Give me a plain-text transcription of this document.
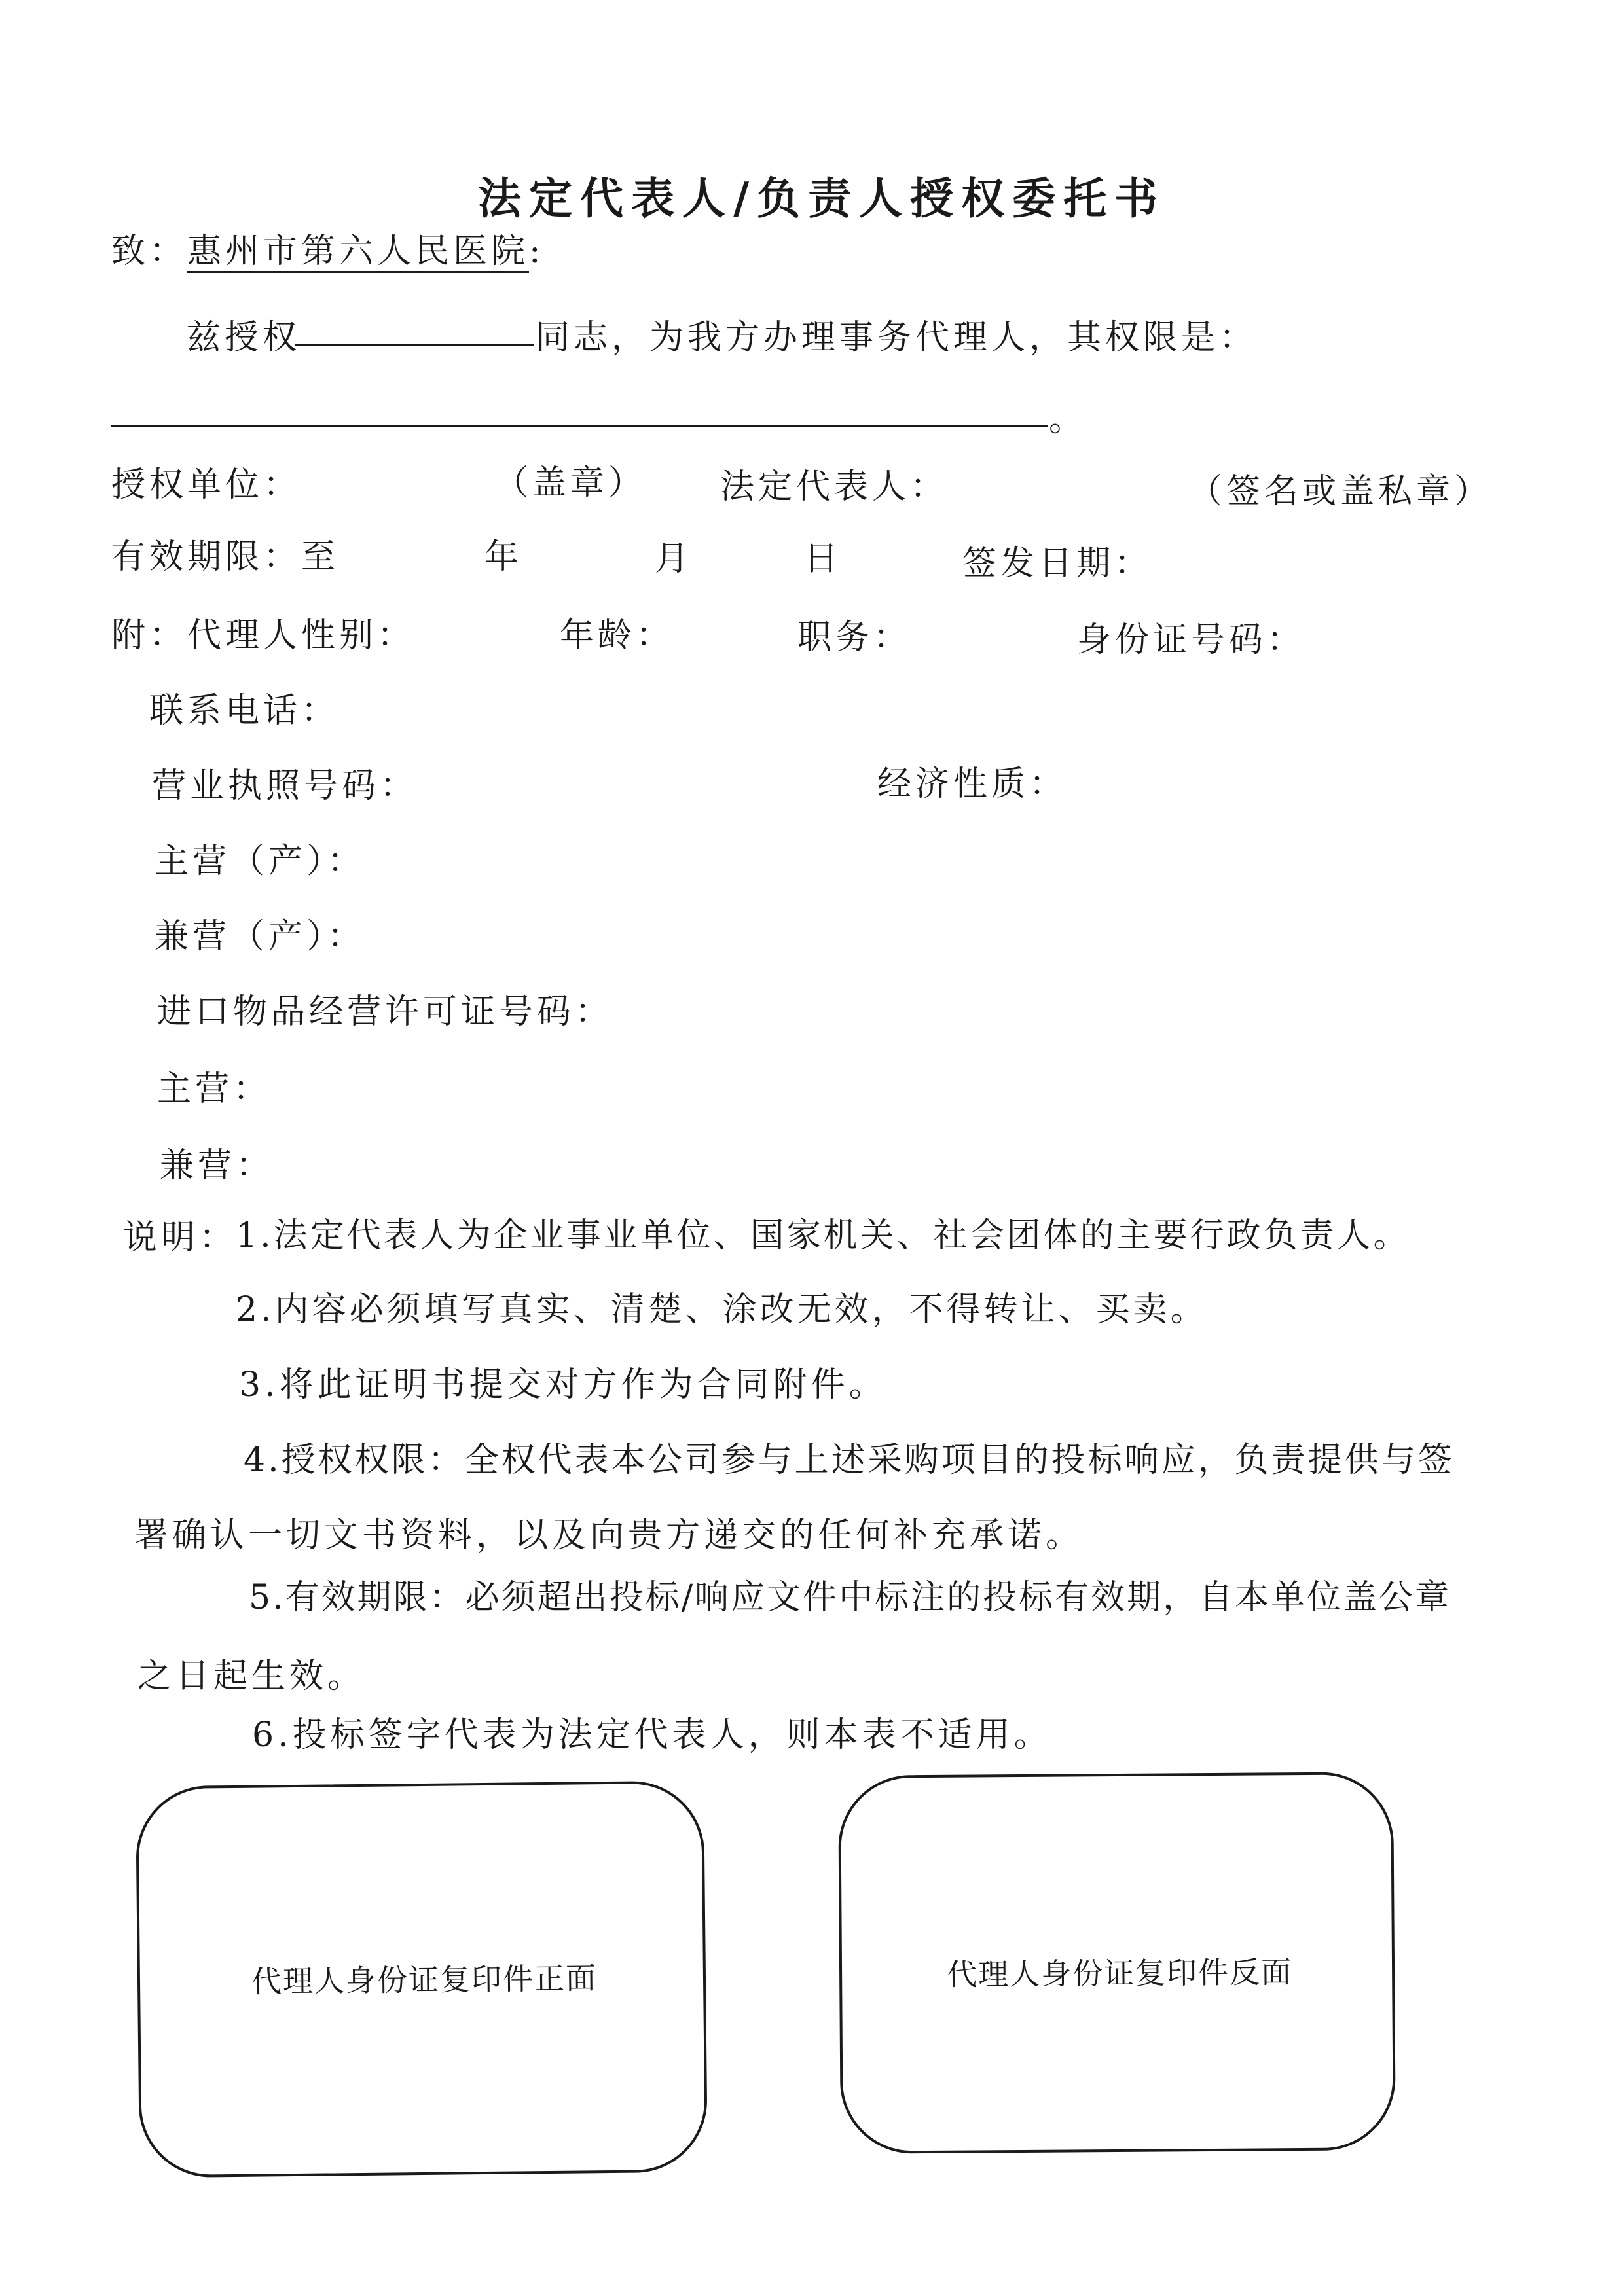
法定代表人/负责人授权委托书
致：惠州市第六人民医院:
兹授权	同志，为我方办理事务代理人，其权限是：
。
授权单位：	（盖章） 法定代表人：	（签名或盖私章）
有效期限：至	年	月	日	签发日期：
附：代理人性别：	年龄：	职务：	身份证号码：
联系电话：
营业执照号码：	经济性质：
主营（产）：
兼营（产）：
进口物品经营许可证号码：
主营：
兼营：
说明：
1.法定代表人为企业事业单位、国家机关、社会团体的主要行政负责人。
2.内容必须填写真实、清楚、涂改无效，不得转让、买卖。
3.将此证明书提交对方作为合同附件。
4.授权权限：全权代表本公司参与上述采购项目的投标响应，负责提供与签
署确认一切文书资料，以及向贵方递交的任何补充承诺。
5.有效期限：必须超出投标/响应文件中标注的投标有效期，自本单位盖公章
之日起生效。
6.投标签字代表为法定代表人，则本表不适用。
代理人身份证复印件正面	代理人身份证复印件反面
